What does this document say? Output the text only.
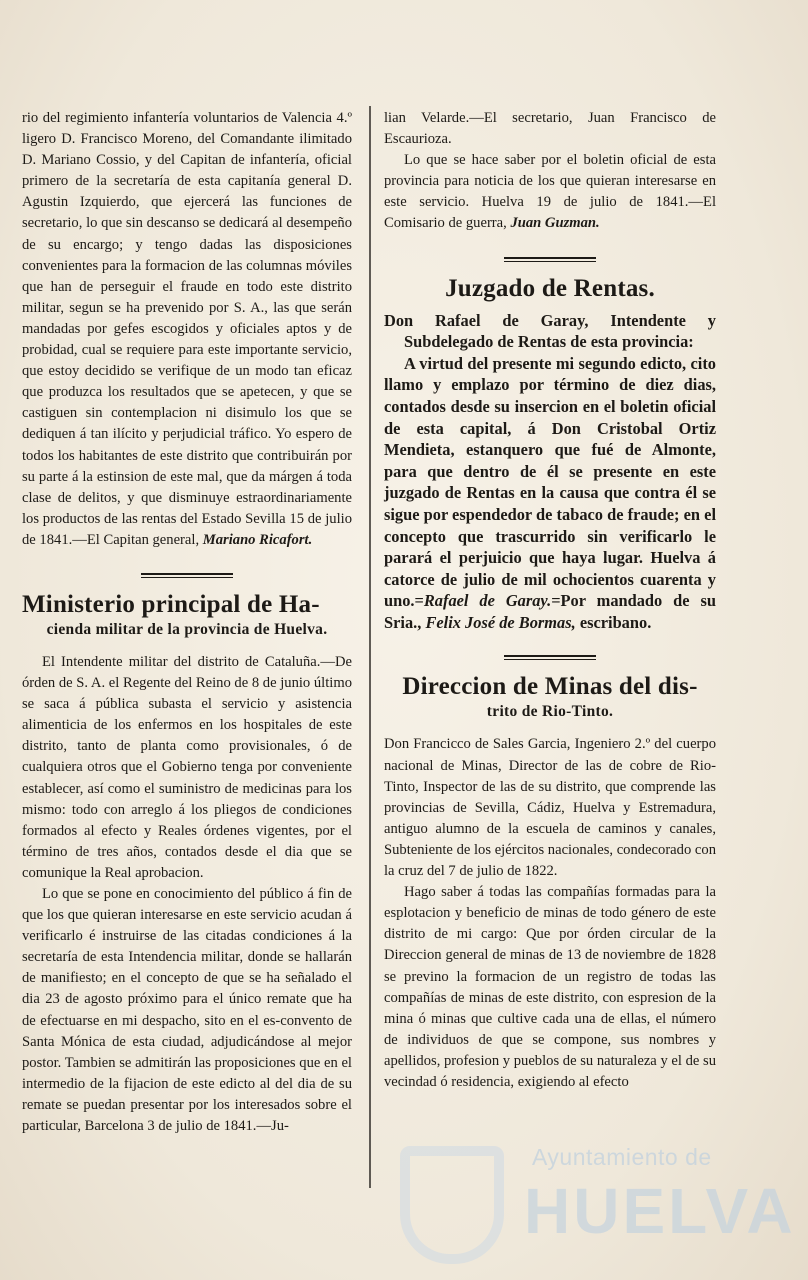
rio del regimiento infantería voluntarios de Valencia 4.º ligero D. Francisco Moreno, del Comandante ilimitado D. Mariano Cossio, y del Capitan de infantería, oficial primero de la secretaría de esta capitanía general D. Agustin Izquierdo, que ejercerá las funciones de secretario, lo que sin descanso se dedicará al desempeño de su encargo; y tengo dadas las disposiciones convenientes para la formacion de las columnas móviles que han de perseguir el fraude en todo este distrito militar, segun se ha prevenido por S. A., las que serán mandadas por gefes escogidos y oficiales aptos y de probidad, cual se requiere para este importante servicio, que estoy decidido se verifique de un modo tan eficaz que produzca los resultados que se apetecen, y que se castiguen sin contemplacion ni disimulo los que se dediquen á tan ilícito y perjudicial tráfico. Yo espero de todos los habitantes de este distrito que contribuirán por su parte á la estinsion de este mal, que da márgen á toda clase de delitos, y que disminuye estraordinariamente los productos de las rentas del Estado Sevilla 15 de julio de 1841.—El Capitan general, Mariano Ricafort.

Ministerio principal de Ha-

cienda militar de la provincia de Huelva.

El Intendente militar del distrito de Cataluña.—De órden de S. A. el Regente del Reino de 8 de junio último se saca á pública subasta el servicio y asistencia alimenticia de los enfermos en los hospitales de este distrito, tanto de planta como provisionales, ó de cualquiera otros que el Gobierno tenga por conveniente establecer, así como el suministro de medicinas para los mismo: todo con arreglo á los pliegos de condiciones formados al efecto y Reales órdenes vigentes, por el término de tres años, contados desde el dia que se comunique la Real aprobacion.

Lo que se pone en conocimiento del público á fin de que los que quieran interesarse en este servicio acudan á verificarlo é instruirse de las citadas condiciones á la secretaría de esta Intendencia militar, donde se hallarán de manifiesto; en el concepto de que se ha señalado el dia 23 de agosto próximo para el único remate que ha de efectuarse en mi despacho, sito en el es-convento de Santa Mónica de esta ciudad, adjudicándose al mejor postor. Tambien se admitirán las proposiciones que en el intermedio de la fijacion de este edicto al del dia de su remate se puedan presentar por los interesados sobre el particular, Barcelona 3 de julio de 1841.—Ju-

lian Velarde.—El secretario, Juan Francisco de Escaurioza.

Lo que se hace saber por el boletin oficial de esta provincia para noticia de los que quieran interesarse en este servicio. Huelva 19 de julio de 1841.—El Comisario de guerra, Juan Guzman.

Juzgado de Rentas.

Don Rafael de Garay, Intendente y Subdelegado de Rentas de esta provincia:

A virtud del presente mi segundo edicto, cito llamo y emplazo por término de diez dias, contados desde su insercion en el boletin oficial de esta capital, á Don Cristobal Ortiz Mendieta, estanquero que fué de Almonte, para que dentro de él se presente en este juzgado de Rentas en la causa que contra él se sigue por espendedor de tabaco de fraude; en el concepto que trascurrido sin verificarlo le parará el perjuicio que haya lugar. Huelva á catorce de julio de mil ochocientos cuarenta y uno.=Rafael de Garay.=Por mandado de su Sria., Felix José de Bormas, escribano.

Direccion de Minas del dis-

trito de Rio-Tinto.

Don Francicco de Sales Garcia, Ingeniero 2.º del cuerpo nacional de Minas, Director de las de cobre de Rio-Tinto, Inspector de las de su distrito, que comprende las provincias de Sevilla, Cádiz, Huelva y Estremadura, antiguo alumno de la escuela de caminos y canales, Subteniente de los ejércitos nacionales, condecorado con la cruz del 7 de julio de 1822.

Hago saber á todas las compañías formadas para la esplotacion y beneficio de minas de todo género de este distrito de mi cargo: Que por órden circular de la Direccion general de minas de 13 de noviembre de 1828 se previno la formacion de un registro de todas las compañías de minas de este distrito, con espresion de la mina ó minas que cultive cada una de ellas, el número de individuos de que se compone, sus nombres y apellidos, profesion y pueblos de su naturaleza y el de su vecindad ó residencia, exigiendo al efecto

Ayuntamiento de
HUELVA
